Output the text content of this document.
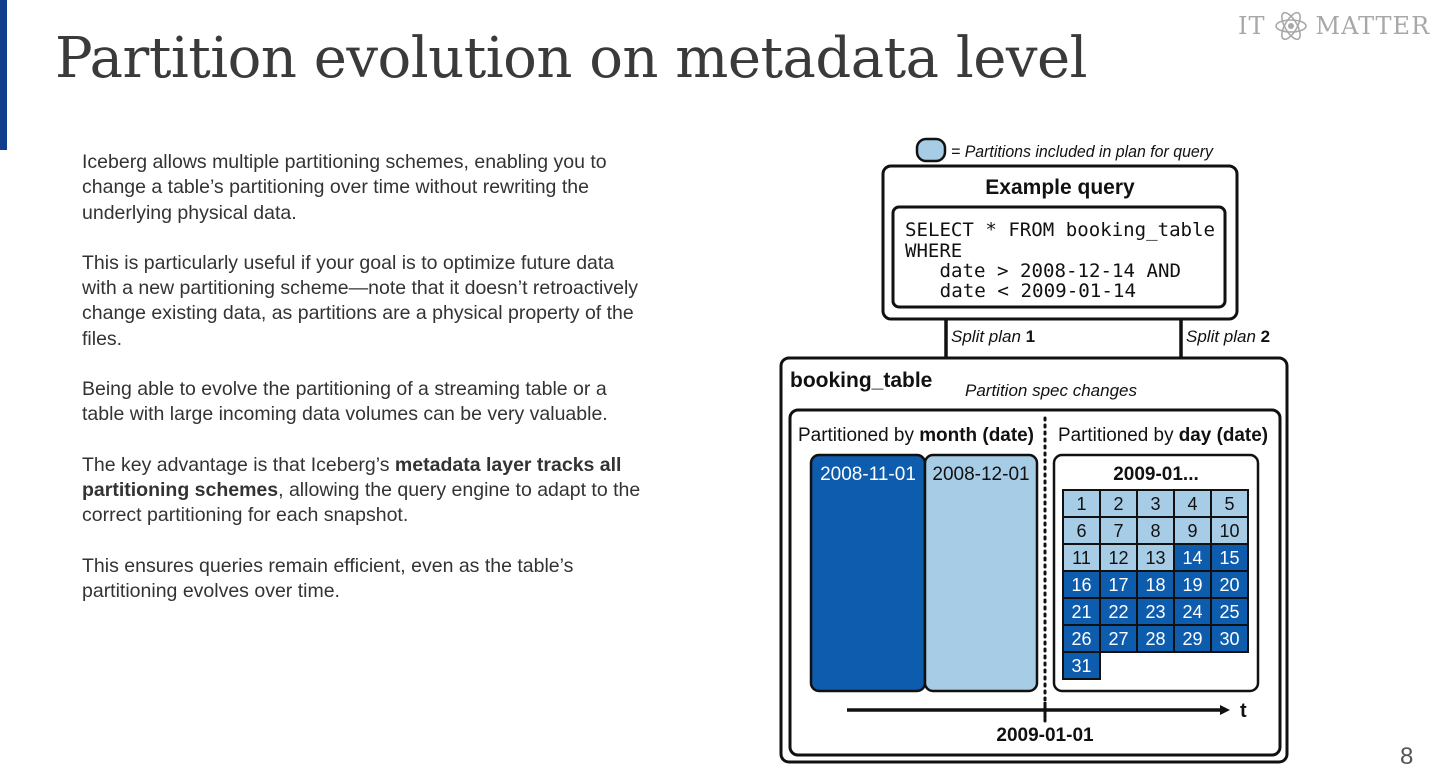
Partition evolution on metadata level	IT MATTER

Iceberg allows multiple partitioning schemes, enabling you to change a table’s partitioning over time without rewriting the underlying physical data.

This is particularly useful if your goal is to optimize future data with a new partitioning scheme—note that it doesn’t retroactively change existing data, as partitions are a physical property of the files.

Being able to evolve the partitioning of a streaming table or a table with large incoming data volumes can be very valuable.

The key advantage is that Iceberg’s metadata layer tracks all partitioning schemes, allowing the query engine to adapt to the correct partitioning for each snapshot.

This ensures queries remain efficient, even as the table’s partitioning evolves over time.

= Partitions included in plan for query
Example query
SELECT * FROM booking_table
WHERE
date > 2008-12-14 AND
date < 2009-01-14
Split plan 1	Split plan 2
booking_table Partition spec changes
Partitioned by month (date) Partitioned by day (date)
2008-11-01 2008-12-01	2009-01...
1 2 3 4 5
6 7 8 9 10
11 12 13 14 15
16 17 18 19 20
21 22 23 24 25
26 27 28 29 30
31
t
2009-01-01
8
